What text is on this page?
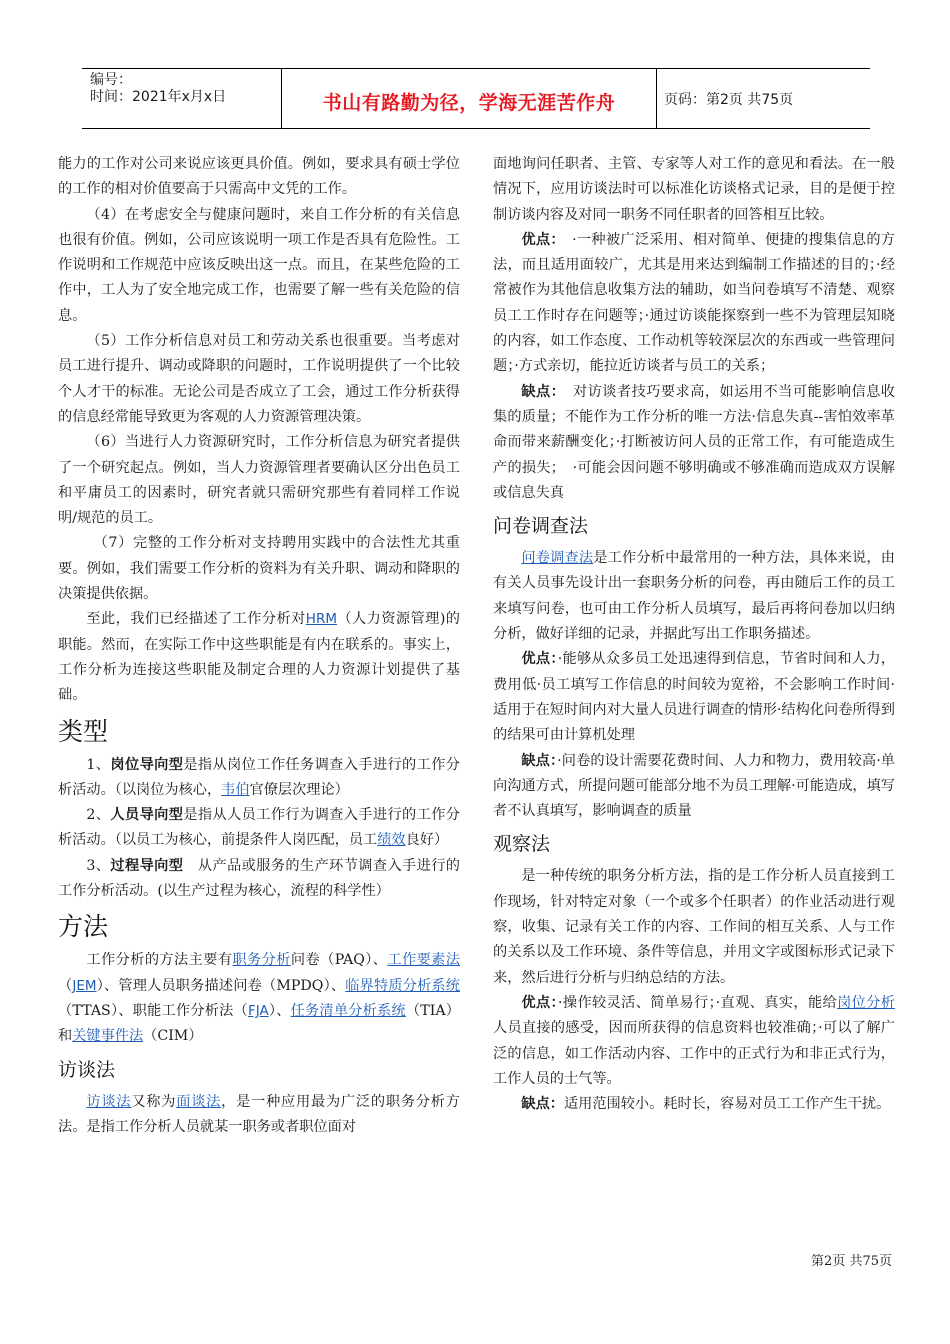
编号：
时间：2021年x月x日	书山有路勤为径，学海无涯苦作舟	页码：第2页 共75页

能力的工作对公司来说应该更具价值。例如，要求具有硕士学位的工作的相对价值要高于只需高中文凭的工作。

（4）在考虑安全与健康问题时，来自工作分析的有关信息也很有价值。例如，公司应该说明一项工作是否具有危险性。工作说明和工作规范中应该反映出这一点。而且，在某些危险的工作中，工人为了安全地完成工作，也需要了解一些有关危险的信息。

（5）工作分析信息对员工和劳动关系也很重要。当考虑对员工进行提升、调动或降职的问题时，工作说明提供了一个比较个人才干的标准。无论公司是否成立了工会，通过工作分析获得的信息经常能导致更为客观的人力资源管理决策。

（6）当进行人力资源研究时，工作分析信息为研究者提供了一个研究起点。例如，当人力资源管理者要确认区分出色员工和平庸员工的因素时，研究者就只需研究那些有着同样工作说明/规范的员工。

（7）完整的工作分析对支持聘用实践中的合法性尤其重要。例如，我们需要工作分析的资料为有关升职、调动和降职的决策提供依据。

至此，我们已经描述了工作分析对HRM（人力资源管理)的职能。然而，在实际工作中这些职能是有内在联系的。事实上，工作分析为连接这些职能及制定合理的人力资源计划提供了基础。

类型

1、岗位导向型是指从岗位工作任务调查入手进行的工作分析活动。（以岗位为核心，韦伯官僚层次理论）

2、人员导向型是指从人员工作行为调查入手进行的工作分析活动。（以员工为核心，前提条件人岗匹配，员工绩效良好）

3、过程导向型　从产品或服务的生产环节调查入手进行的工作分析活动。(以生产过程为核心，流程的科学性）

方法

工作分析的方法主要有职务分析问卷（PAQ）、工作要素法（JEM）、管理人员职务描述问卷（MPDQ）、临界特质分析系统（TTAS）、职能工作分析法（FJA）、任务清单分析系统（TIA）和关键事件法（CIM）

访谈法

访谈法又称为面谈法，是一种应用最为广泛的职务分析方法。是指工作分析人员就某一职务或者职位面对

面地询问任职者、主管、专家等人对工作的意见和看法。在一般情况下，应用访谈法时可以标准化访谈格式记录，目的是便于控制访谈内容及对同一职务不同任职者的回答相互比较。

优点：　·一种被广泛采用、相对简单、便捷的搜集信息的方法，而且适用面较广，尤其是用来达到编制工作描述的目的；·经常被作为其他信息收集方法的辅助，如当问卷填写不清楚、观察员工工作时存在问题等；·通过访谈能探察到一些不为管理层知晓的内容，如工作态度、工作动机等较深层次的东西或一些管理问题；·方式亲切，能拉近访谈者与员工的关系；

缺点：　对访谈者技巧要求高，如运用不当可能影响信息收集的质量；不能作为工作分析的唯一方法·信息失真--害怕效率革命而带来薪酬变化；·打断被访问人员的正常工作，有可能造成生产的损失；　·可能会因问题不够明确或不够准确而造成双方误解或信息失真

问卷调查法

问卷调查法是工作分析中最常用的一种方法，具体来说，由有关人员事先设计出一套职务分析的问卷，再由随后工作的员工来填写问卷，也可由工作分析人员填写，最后再将问卷加以归纳分析，做好详细的记录，并据此写出工作职务描述。

优点：·能够从众多员工处迅速得到信息，节省时间和人力，费用低·员工填写工作信息的时间较为宽裕，不会影响工作时间·适用于在短时间内对大量人员进行调查的情形·结构化问卷所得到的结果可由计算机处理

缺点：·问卷的设计需要花费时间、人力和物力，费用较高·单向沟通方式，所提问题可能部分地不为员工理解·可能造成，填写者不认真填写，影响调查的质量

观察法

是一种传统的职务分析方法，指的是工作分析人员直接到工作现场，针对特定对象（一个或多个任职者）的作业活动进行观察，收集、记录有关工作的内容、工作间的相互关系、人与工作的关系以及工作环境、条件等信息，并用文字或图标形式记录下来，然后进行分析与归纳总结的方法。

优点：·操作较灵活、简单易行；·直观、真实，能给岗位分析人员直接的感受，因而所获得的信息资料也较准确；·可以了解广泛的信息，如工作活动内容、工作中的正式行为和非正式行为，工作人员的士气等。

缺点：适用范围较小。耗时长，容易对员工工作产生干扰。

第2页 共75页
